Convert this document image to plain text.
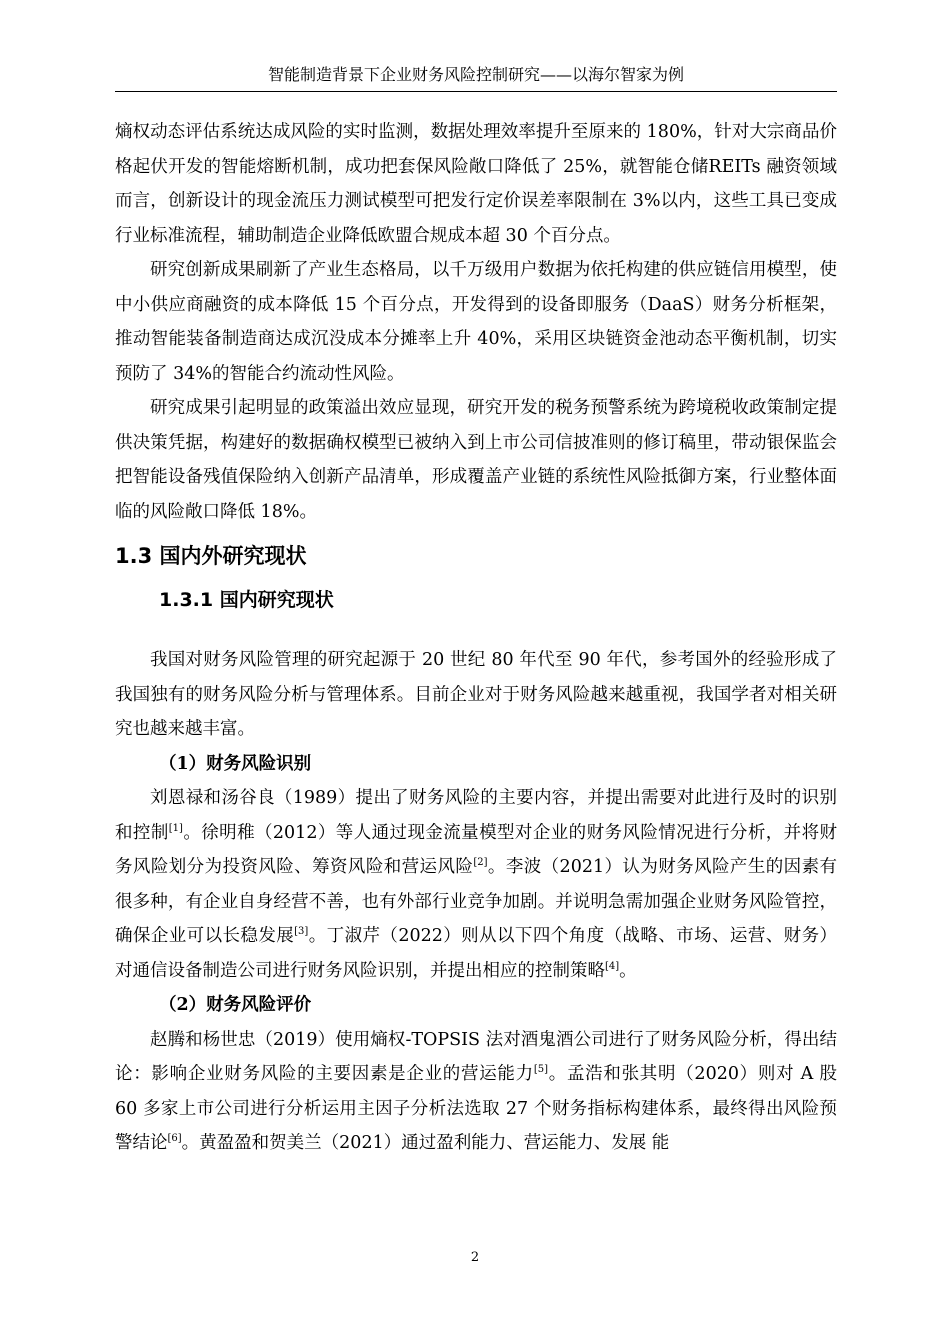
智能制造背景下企业财务风险控制研究——以海尔智家为例

熵权动态评估系统达成风险的实时监测，数据处理效率提升至原来的 180%，针对大宗商品价格起伏开发的智能熔断机制，成功把套保风险敞口降低了 25%，就智能仓储REITs 融资领域而言，创新设计的现金流压力测试模型可把发行定价误差率限制在 3%以内，这些工具已变成行业标准流程，辅助制造企业降低欧盟合规成本超 30 个百分点。

研究创新成果刷新了产业生态格局，以千万级用户数据为依托构建的供应链信用模型，使中小供应商融资的成本降低 15 个百分点，开发得到的设备即服务（DaaS）财务分析框架，推动智能装备制造商达成沉没成本分摊率上升 40%，采用区块链资金池动态平衡机制，切实预防了 34%的智能合约流动性风险。

研究成果引起明显的政策溢出效应显现，研究开发的税务预警系统为跨境税收政策制定提供决策凭据，构建好的数据确权模型已被纳入到上市公司信披准则的修订稿里，带动银保监会把智能设备残值保险纳入创新产品清单，形成覆盖产业链的系统性风险抵御方案，行业整体面临的风险敞口降低 18%。

1.3 国内外研究现状
1.3.1 国内研究现状

我国对财务风险管理的研究起源于 20 世纪 80 年代至 90 年代，参考国外的经验形成了我国独有的财务风险分析与管理体系。目前企业对于财务风险越来越重视，我国学者对相关研究也越来越丰富。

（1）财务风险识别

刘恩禄和汤谷良（1989）提出了财务风险的主要内容，并提出需要对此进行及时的识别和控制[1]。徐明稚（2012）等人通过现金流量模型对企业的财务风险情况进行分析，并将财务风险划分为投资风险、筹资风险和营运风险[2]。李波（2021）认为财务风险产生的因素有很多种，有企业自身经营不善，也有外部行业竞争加剧。并说明急需加强企业财务风险管控，确保企业可以长稳发展[3]。丁淑芹（2022）则从以下四个角度（战略、市场、运营、财务）对通信设备制造公司进行财务风险识别，并提出相应的控制策略[4]。

（2）财务风险评价

赵腾和杨世忠（2019）使用熵权-TOPSIS 法对酒鬼酒公司进行了财务风险分析，得出结论：影响企业财务风险的主要因素是企业的营运能力[5]。孟浩和张其明（2020）则对 A 股 60 多家上市公司进行分析运用主因子分析法选取 27 个财务指标构建体系，最终得出风险预警结论[6]。黄盈盈和贺美兰（2021）通过盈利能力、营运能力、发展 能

2
